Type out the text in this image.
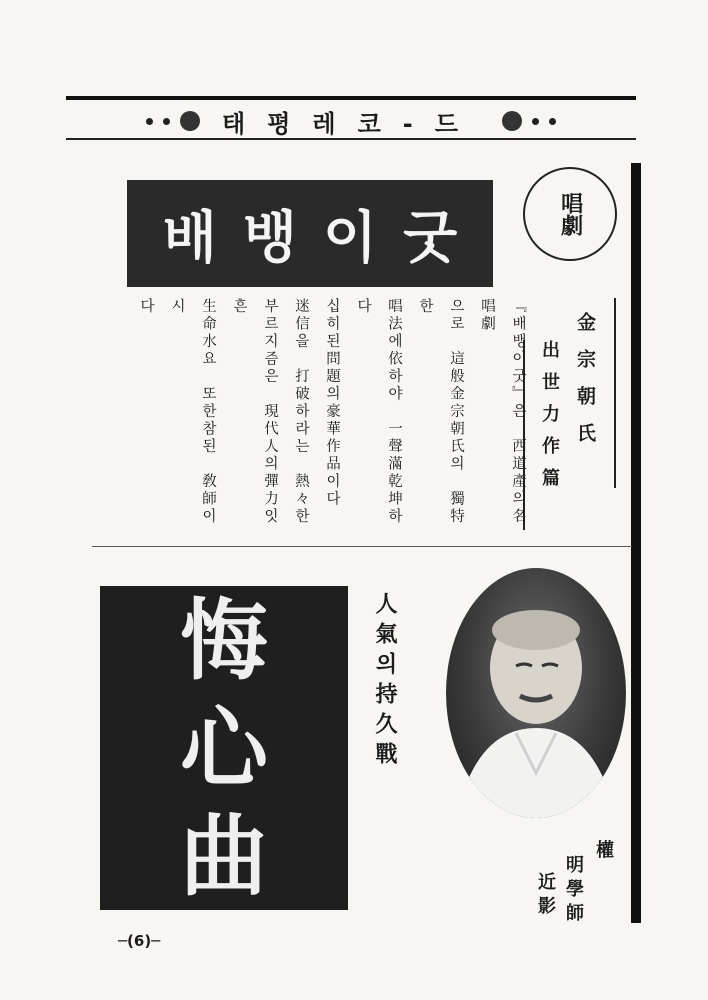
태평레코-드
배뱅이굿	唱劇
金宗朝氏
出世力作篇
『배뱅이굿』은　西道產의名唱劇
으로　這般金宗朝氏의　獨特한
唱法에依하야　一聲滿乾坤하다
십히된問題의豪華作品이다
迷信을　打破하라는　熱々한
부르지즘은　現代人의彈力잇흔
生命水요　또한참된　敎師이시
다
悔
心
曲
人氣의持久戰
權
明學師
近影
─(6)─
